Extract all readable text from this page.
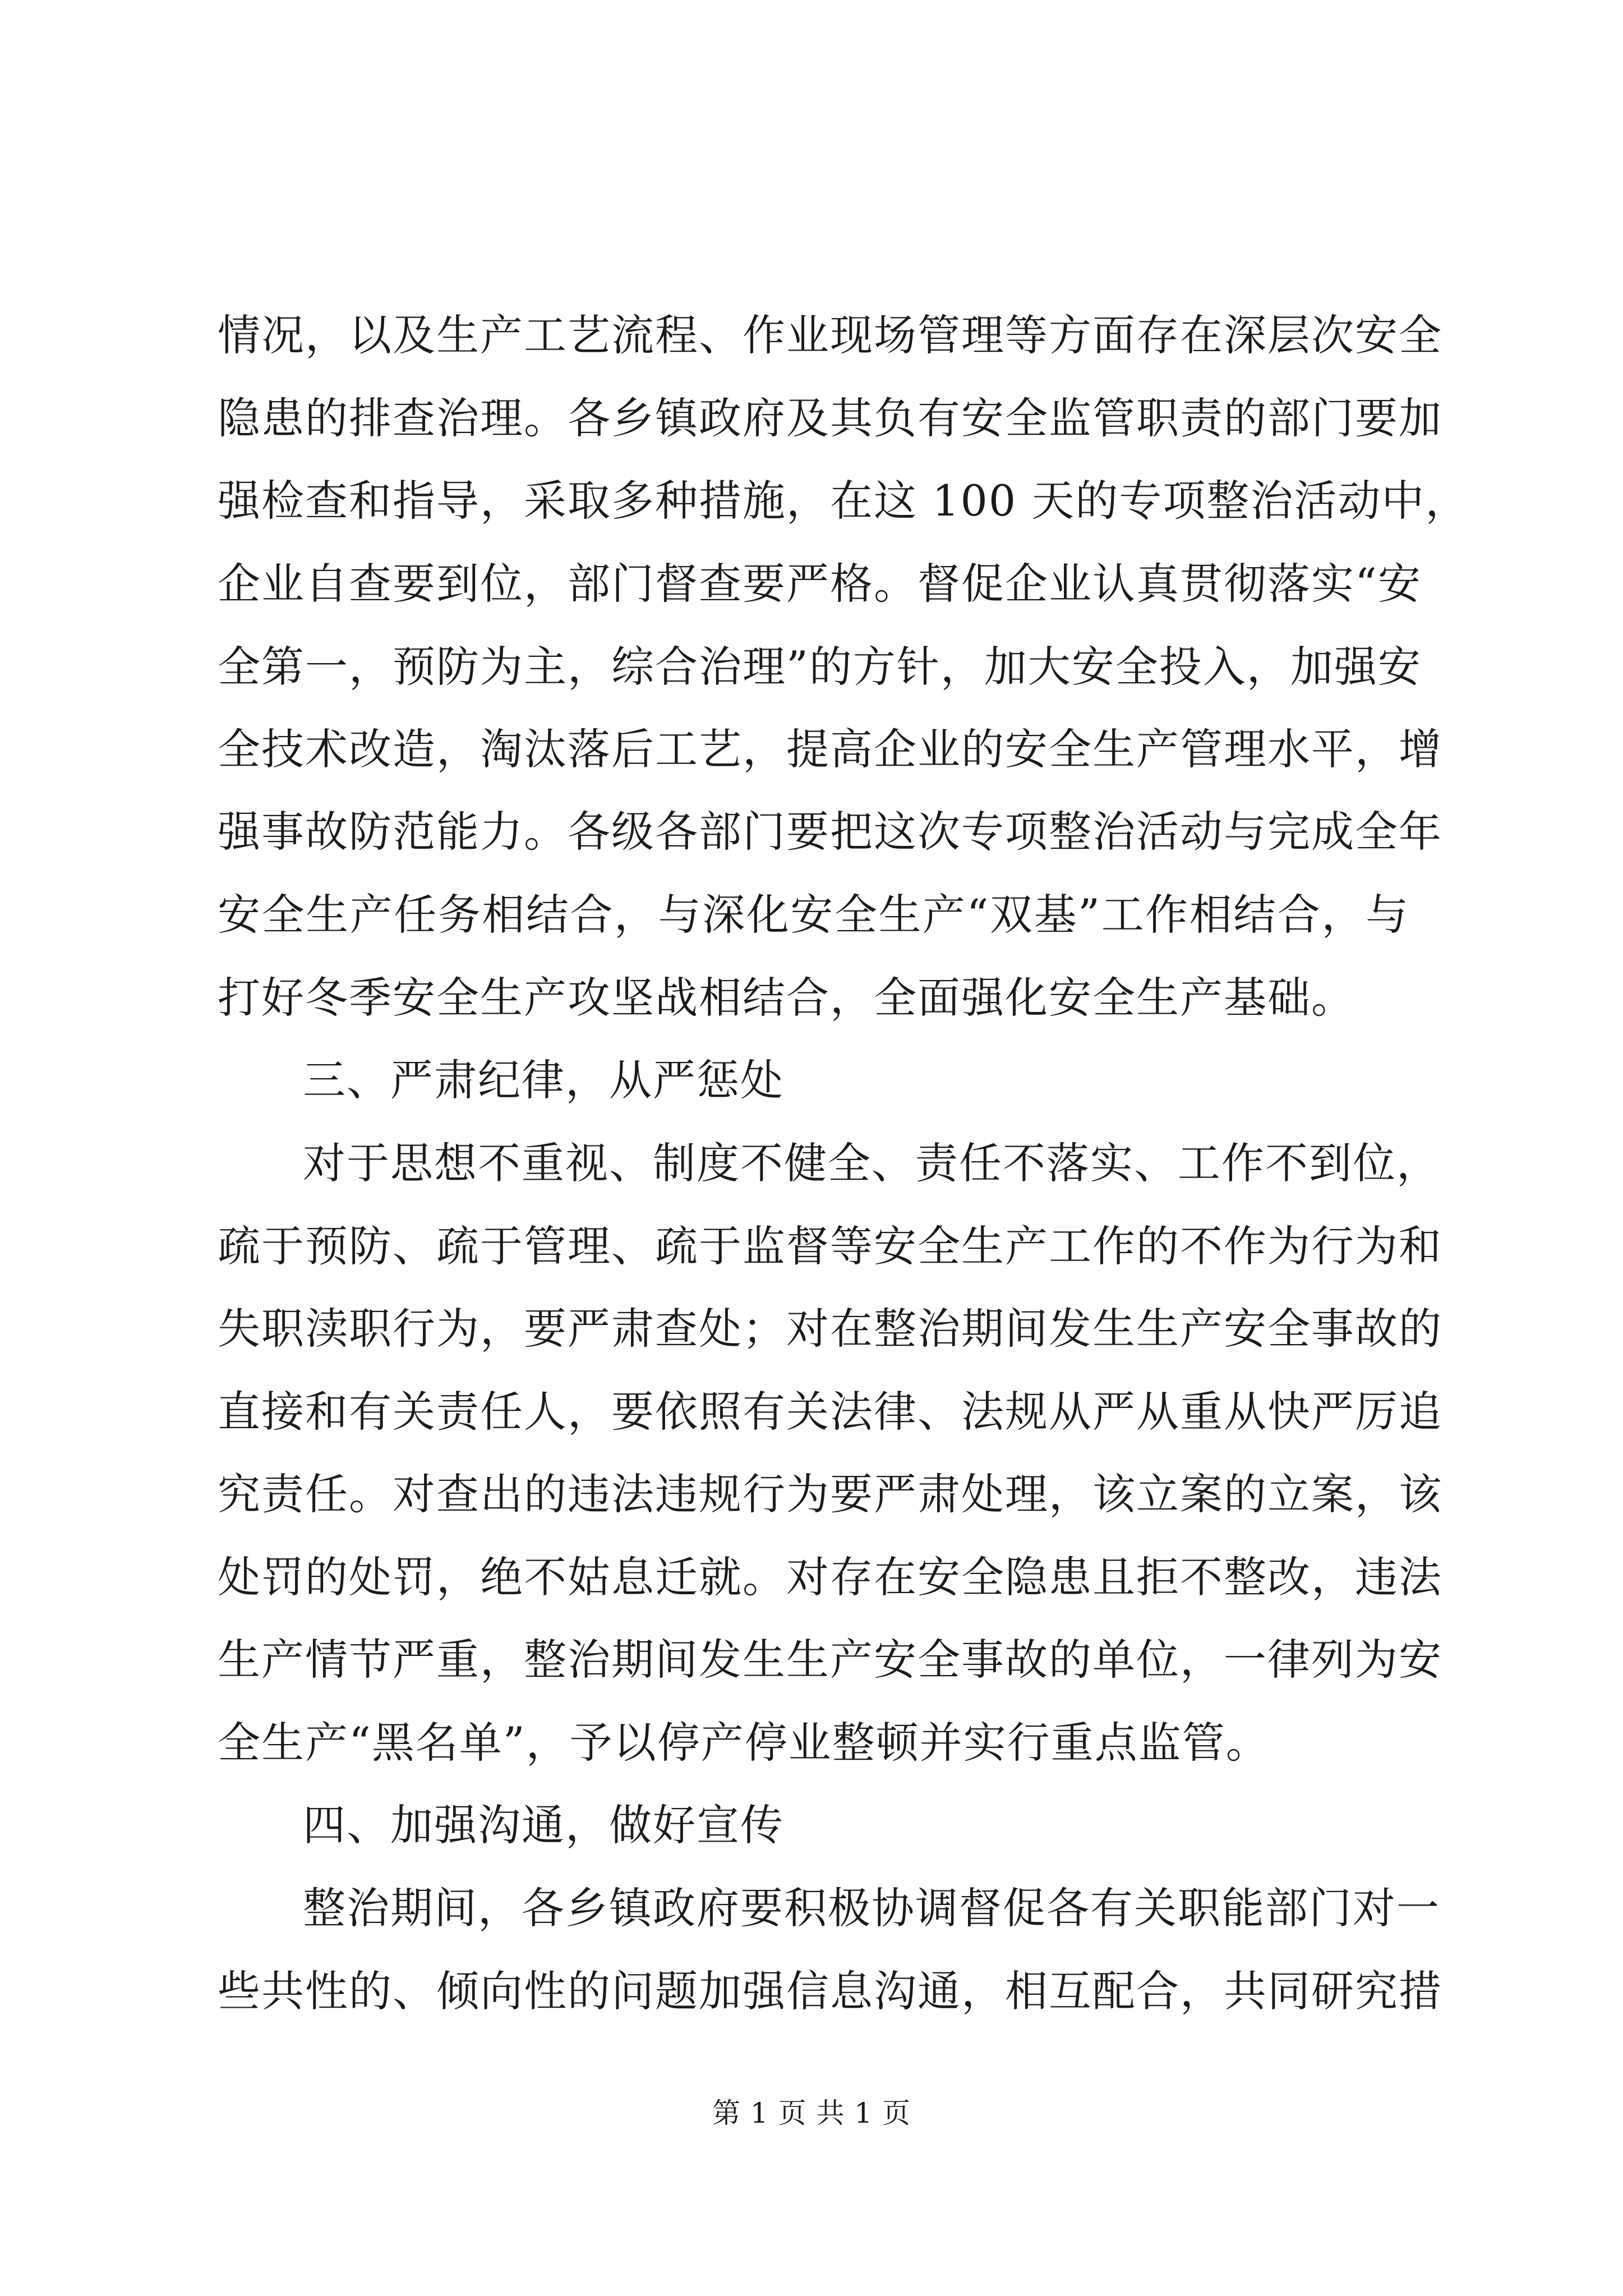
情况，以及生产工艺流程、作业现场管理等方面存在深层次安全
隐患的排查治理。各乡镇政府及其负有安全监管职责的部门要加
强检查和指导，采取多种措施，在这 100 天的专项整治活动中，
企业自查要到位，部门督查要严格。督促企业认真贯彻落实“安
全第一，预防为主，综合治理”的方针，加大安全投入，加强安
全技术改造，淘汰落后工艺，提高企业的安全生产管理水平，增
强事故防范能力。各级各部门要把这次专项整治活动与完成全年
安全生产任务相结合，与深化安全生产“双基”工作相结合，与
打好冬季安全生产攻坚战相结合，全面强化安全生产基础。
三、严肃纪律，从严惩处
对于思想不重视、制度不健全、责任不落实、工作不到位，
疏于预防、疏于管理、疏于监督等安全生产工作的不作为行为和
失职渎职行为，要严肃查处；对在整治期间发生生产安全事故的
直接和有关责任人，要依照有关法律、法规从严从重从快严厉追
究责任。对查出的违法违规行为要严肃处理，该立案的立案，该
处罚的处罚，绝不姑息迁就。对存在安全隐患且拒不整改，违法
生产情节严重，整治期间发生生产安全事故的单位，一律列为安
全生产“黑名单”，予以停产停业整顿并实行重点监管。
四、加强沟通，做好宣传
整治期间，各乡镇政府要积极协调督促各有关职能部门对一
些共性的、倾向性的问题加强信息沟通，相互配合，共同研究措
第 1 页 共 1 页
